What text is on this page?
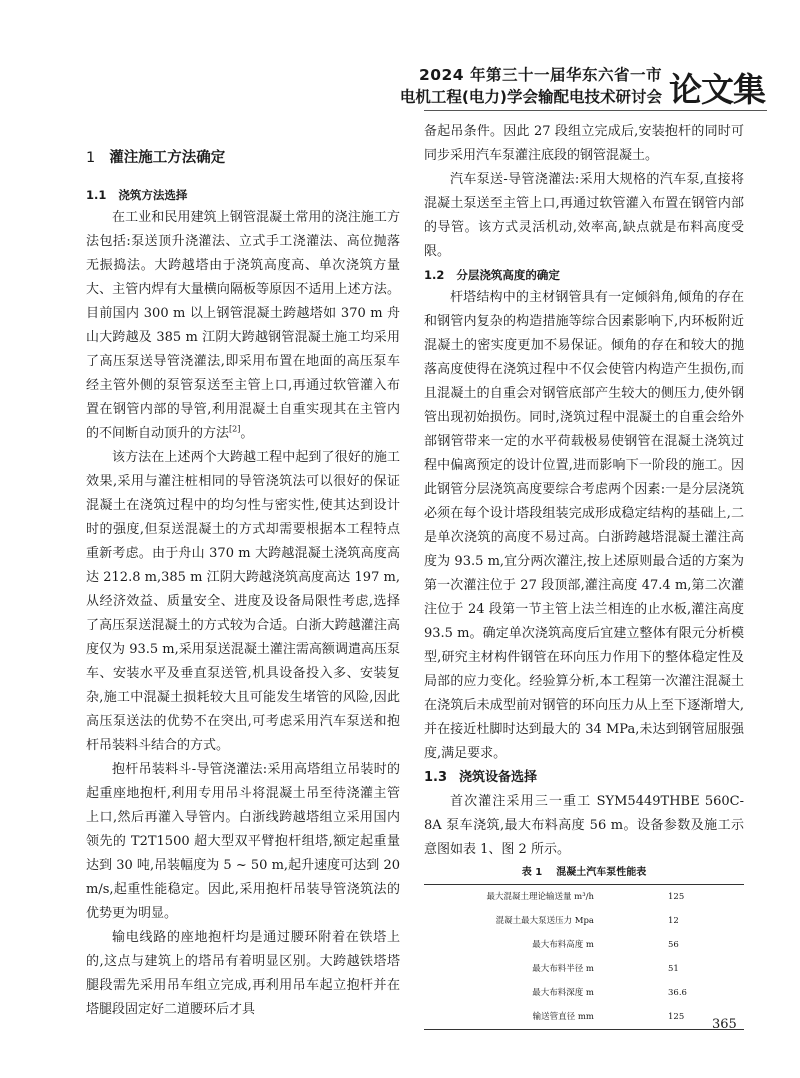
2024 年第三十一届华东六省一市
电机工程(电力)学会输配电技术研讨会 论文集
1 灌注施工方法确定
1.1 浇筑方法选择

在工业和民用建筑上钢管混凝土常用的浇注施工方法包括:泵送顶升浇灌法、立式手工浇灌法、高位抛落无振捣法。大跨越塔由于浇筑高度高、单次浇筑方量大、主管内焊有大量横向隔板等原因不适用上述方法。目前国内 300 m 以上钢管混凝土跨越塔如 370 m 舟山大跨越及 385 m 江阴大跨越钢管混凝土施工均采用了高压泵送导管浇灌法,即采用布置在地面的高压泵车经主管外侧的泵管泵送至主管上口,再通过软管灌入布置在钢管内部的导管,利用混凝土自重实现其在主管内的不间断自动顶升的方法[2]。

该方法在上述两个大跨越工程中起到了很好的施工效果,采用与灌注桩相同的导管浇筑法可以很好的保证混凝土在浇筑过程中的均匀性与密实性,使其达到设计时的强度,但泵送混凝土的方式却需要根据本工程特点重新考虑。由于舟山 370 m 大跨越混凝土浇筑高度高达 212.8 m,385 m 江阴大跨越浇筑高度高达 197 m,从经济效益、质量安全、进度及设备局限性考虑,选择了高压泵送混凝土的方式较为合适。白浙大跨越灌注高度仅为 93.5 m,采用泵送混凝土灌注需高额调遣高压泵车、安装水平及垂直泵送管,机具设备投入多、安装复杂,施工中混凝土损耗较大且可能发生堵管的风险,因此高压泵送法的优势不在突出,可考虑采用汽车泵送和抱杆吊装料斗结合的方式。

抱杆吊装料斗-导管浇灌法:采用高塔组立吊装时的起重座地抱杆,利用专用吊斗将混凝土吊至待浇灌主管上口,然后再灌入导管内。白浙线跨越塔组立采用国内领先的 T2T1500 超大型双平臂抱杆组塔,额定起重量达到 30 吨,吊装幅度为 5 ~ 50 m,起升速度可达到 20 m/s,起重性能稳定。因此,采用抱杆吊装导管浇筑法的优势更为明显。

输电线路的座地抱杆均是通过腰环附着在铁塔上的,这点与建筑上的塔吊有着明显区别。大跨越铁塔塔腿段需先采用吊车组立完成,再利用吊车起立抱杆并在塔腿段固定好二道腰环后才具

备起吊条件。因此 27 段组立完成后,安装抱杆的同时可同步采用汽车泵灌注底段的钢管混凝土。

汽车泵送-导管浇灌法:采用大规格的汽车泵,直接将混凝土泵送至主管上口,再通过软管灌入布置在钢管内部的导管。该方式灵活机动,效率高,缺点就是布料高度受限。

1.2 分层浇筑高度的确定

杆塔结构中的主材钢管具有一定倾斜角,倾角的存在和钢管内复杂的构造措施等综合因素影响下,内环板附近混凝土的密实度更加不易保证。倾角的存在和较大的抛落高度使得在浇筑过程中不仅会使管内构造产生损伤,而且混凝土的自重会对钢管底部产生较大的侧压力,使外钢管出现初始损伤。同时,浇筑过程中混凝土的自重会给外部钢管带来一定的水平荷载极易使钢管在混凝土浇筑过程中偏离预定的设计位置,进而影响下一阶段的施工。因此钢管分层浇筑高度要综合考虑两个因素:一是分层浇筑必须在每个设计塔段组装完成形成稳定结构的基础上,二是单次浇筑的高度不易过高。白浙跨越塔混凝土灌注高度为 93.5 m,宜分两次灌注,按上述原则最合适的方案为第一次灌注位于 27 段顶部,灌注高度 47.4 m,第二次灌注位于 24 段第一节主管上法兰相连的止水板,灌注高度 93.5 m。确定单次浇筑高度后宜建立整体有限元分析模型,研究主材构件钢管在环向压力作用下的整体稳定性及局部的应力变化。经验算分析,本工程第一次灌注混凝土在浇筑后未成型前对钢管的环向压力从上至下逐渐增大,并在接近杜脚时达到最大的 34 MPa,未达到钢管屈服强度,满足要求。

1.3 浇筑设备选择

首次灌注采用三一重工 SYM5449THBE 560C-8A 泵车浇筑,最大布料高度 56 m。设备参数及施工示意图如表 1、图 2 所示。

表 1 混凝土汽车泵性能表
最大混凝土理论输送量 m³/h	125
混凝土最大泵送压力 Mpa	12
最大布料高度 m	56
最大布料半径 m	51
最大布料深度 m	36.6
输送管直径 mm	125 365
